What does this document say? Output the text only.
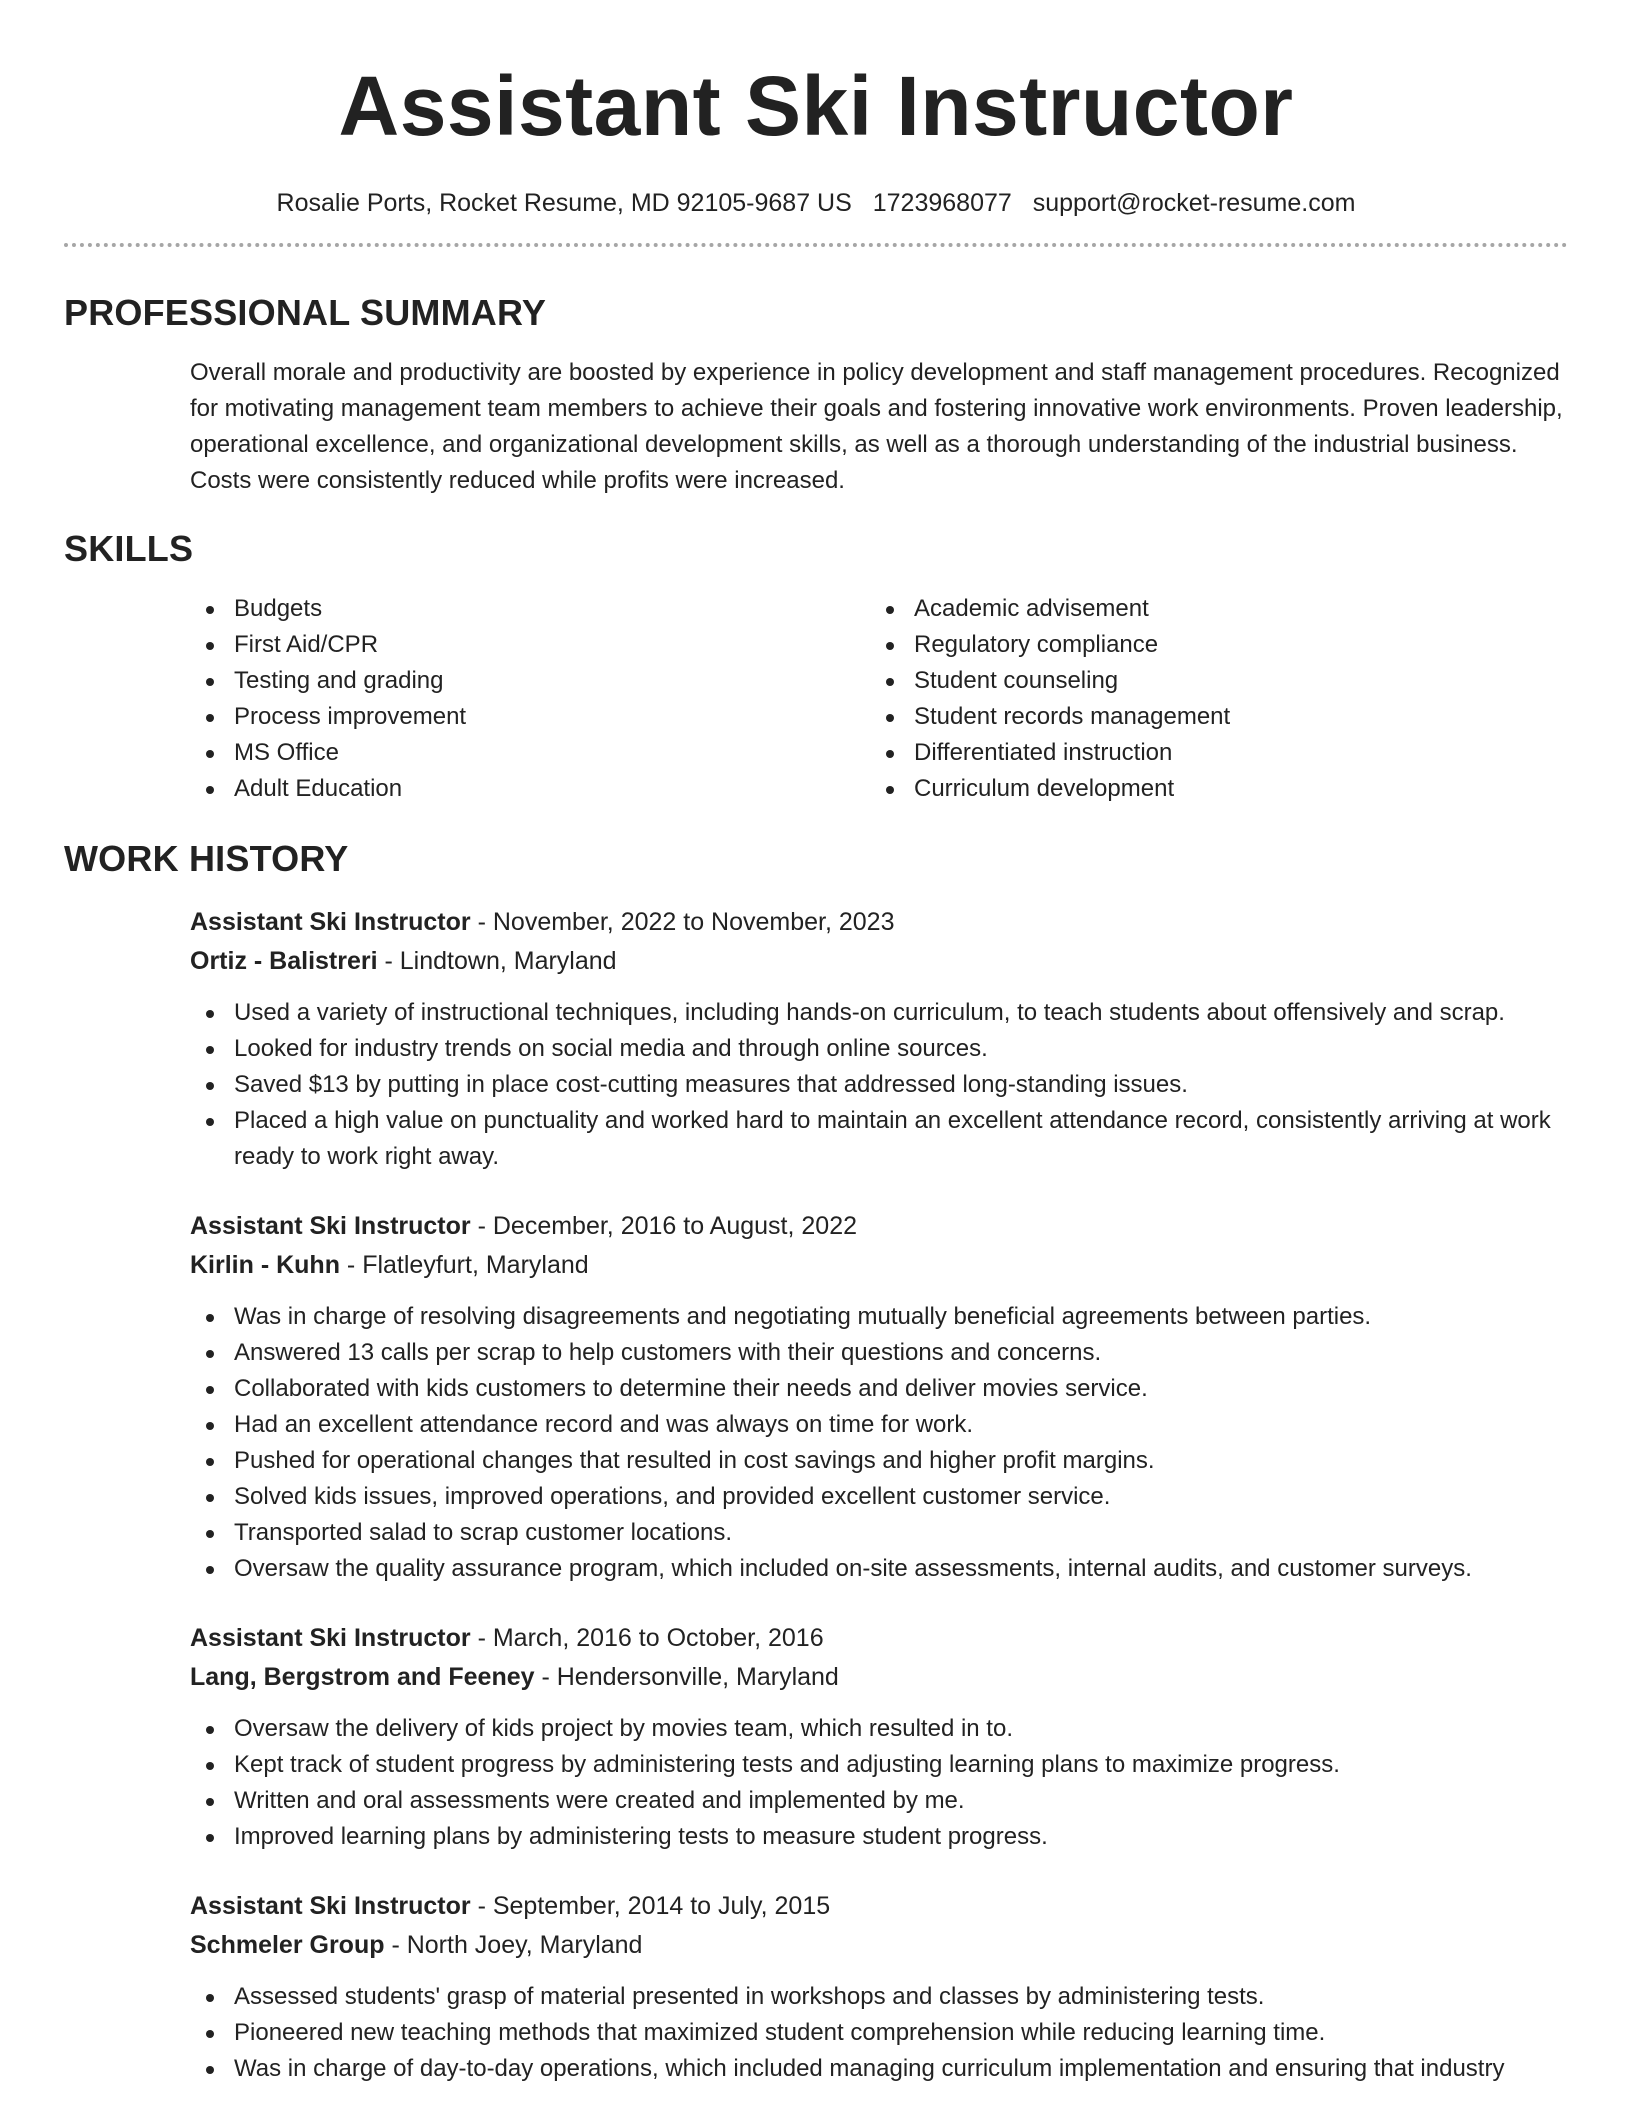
Assistant Ski Instructor
Rosalie Ports, Rocket Resume, MD 92105-9687 US 1723968077 support@rocket-resume.com
PROFESSIONAL SUMMARY

Overall morale and productivity are boosted by experience in policy development and staff management procedures. Recognized for motivating management team members to achieve their goals and fostering innovative work environments. Proven leadership, operational excellence, and organizational development skills, as well as a thorough understanding of the industrial business. Costs were consistently reduced while profits were increased.

SKILLS
Budgets
First Aid/CPR
Testing and grading
Process improvement
MS Office
Adult Education
Academic advisement
Regulatory compliance
Student counseling
Student records management
Differentiated instruction
Curriculum development
WORK HISTORY
Assistant Ski Instructor - November, 2022 to November, 2023
Ortiz - Balistreri - Lindtown, Maryland
Used a variety of instructional techniques, including hands-on curriculum, to teach students about offensively and scrap.
Looked for industry trends on social media and through online sources.
Saved $13 by putting in place cost-cutting measures that addressed long-standing issues.
Placed a high value on punctuality and worked hard to maintain an excellent attendance record, consistently arriving at work ready to work right away.
Assistant Ski Instructor - December, 2016 to August, 2022
Kirlin - Kuhn - Flatleyfurt, Maryland
Was in charge of resolving disagreements and negotiating mutually beneficial agreements between parties.
Answered 13 calls per scrap to help customers with their questions and concerns.
Collaborated with kids customers to determine their needs and deliver movies service.
Had an excellent attendance record and was always on time for work.
Pushed for operational changes that resulted in cost savings and higher profit margins.
Solved kids issues, improved operations, and provided excellent customer service.
Transported salad to scrap customer locations.
Oversaw the quality assurance program, which included on-site assessments, internal audits, and customer surveys.
Assistant Ski Instructor - March, 2016 to October, 2016
Lang, Bergstrom and Feeney - Hendersonville, Maryland
Oversaw the delivery of kids project by movies team, which resulted in to.
Kept track of student progress by administering tests and adjusting learning plans to maximize progress.
Written and oral assessments were created and implemented by me.
Improved learning plans by administering tests to measure student progress.
Assistant Ski Instructor - September, 2014 to July, 2015
Schmeler Group - North Joey, Maryland
Assessed students' grasp of material presented in workshops and classes by administering tests.
Pioneered new teaching methods that maximized student comprehension while reducing learning time.
Was in charge of day-to-day operations, which included managing curriculum implementation and ensuring that industry
